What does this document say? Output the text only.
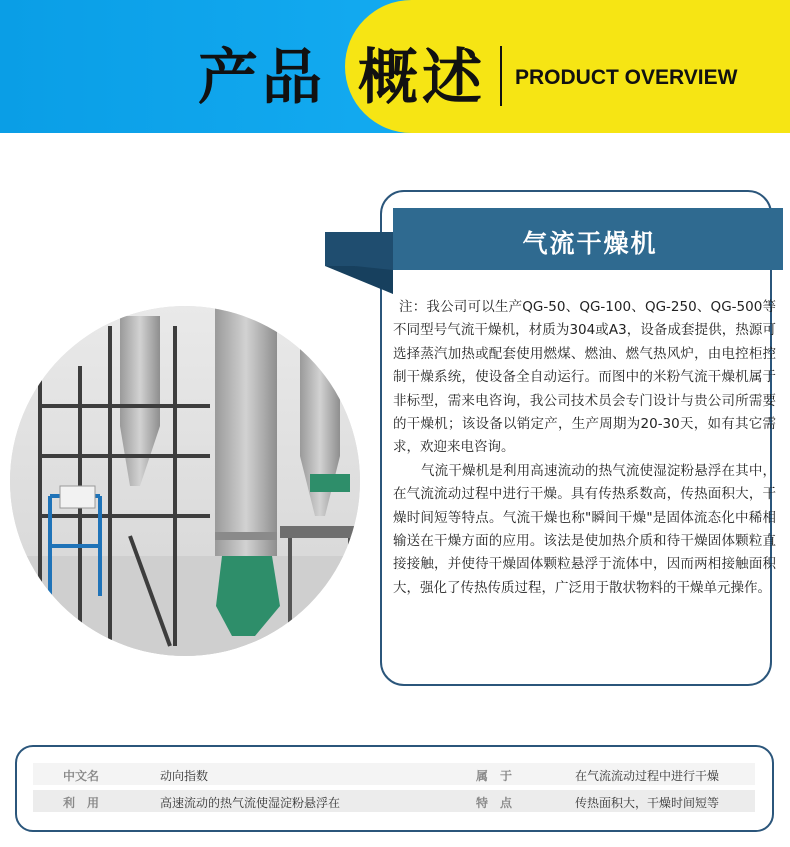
产品 概述 PRODUCT OVERVIEW
气流干燥机

注：我公司可以生产QG-50、QG-100、QG-250、QG-500等不同型号气流干燥机，材质为304或A3，设备成套提供，热源可选择蒸汽加热或配套使用燃煤、燃油、燃气热风炉，由电控柜控制干燥系统，使设备全自动运行。而图中的米粉气流干燥机属于非标型，需来电咨询，我公司技术员会专门设计与贵公司所需要的干燥机；该设备以销定产，生产周期为20-30天，如有其它需求，欢迎来电咨询。

气流干燥机是利用高速流动的热气流使湿淀粉悬浮在其中，在气流流动过程中进行干燥。具有传热系数高，传热面积大，干燥时间短等特点。气流干燥也称"瞬间干燥"是固体流态化中稀相输送在干燥方面的应用。该法是使加热介质和待干燥固体颗粒直接接触，并使待干燥固体颗粒悬浮于流体中，因而两相接触面积大，强化了传热传质过程，广泛用于散状物料的干燥单元操作。

中文名	动向指数	属　于	在气流流动过程中进行干燥
利　用	高速流动的热气流使湿淀粉悬浮在	特　点	传热面积大，干燥时间短等
